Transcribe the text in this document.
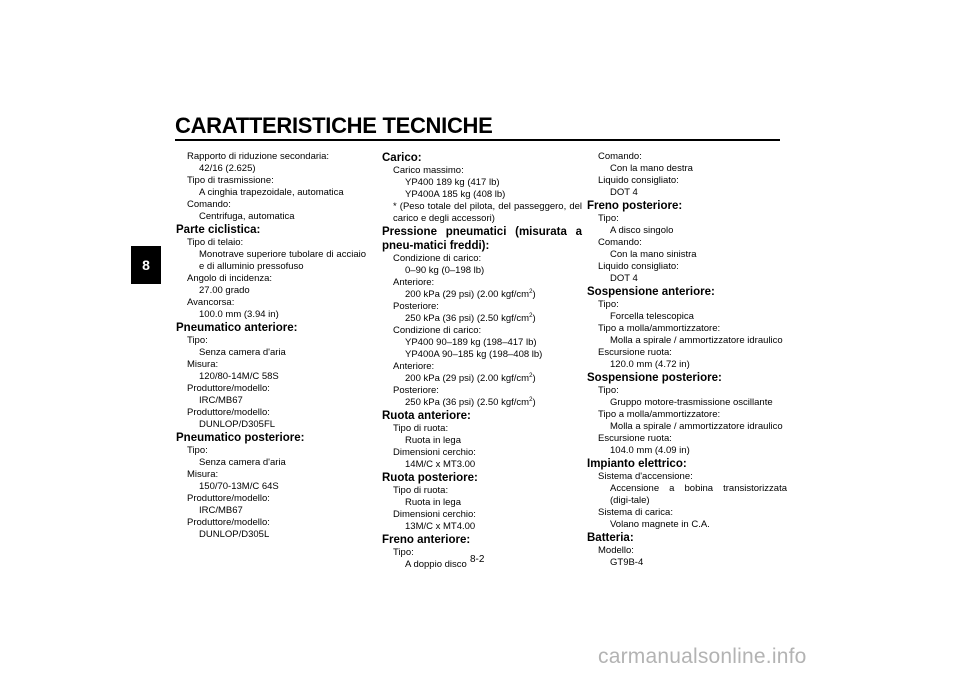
CARATTERISTICHE TECNICHE
8
Rapporto di riduzione secondaria:
42/16 (2.625)
Tipo di trasmissione:
A cinghia trapezoidale, automatica
Comando:
Centrifuga, automatica
Parte ciclistica:
Tipo di telaio:
Monotrave superiore tubolare di acciaio e di alluminio pressofuso
Angolo di incidenza:
27.00 grado
Avancorsa:
100.0 mm (3.94 in)
Pneumatico anteriore:
Tipo:
Senza camera d'aria
Misura:
120/80-14M/C 58S
Produttore/modello:
IRC/MB67
Produttore/modello:
DUNLOP/D305FL
Pneumatico posteriore:
Tipo:
Senza camera d'aria
Misura:
150/70-13M/C 64S
Produttore/modello:
IRC/MB67
Produttore/modello:
DUNLOP/D305L
Carico:
Carico massimo:
YP400 189 kg (417 lb)
YP400A 185 kg (408 lb)
* (Peso totale del pilota, del passeggero, del carico e degli accessori)
Pressione pneumatici (misurata a pneu-matici freddi):
Condizione di carico:
0–90 kg (0–198 lb)
Anteriore:
200 kPa (29 psi) (2.00 kgf/$cm^2$)
Posteriore:
250 kPa (36 psi) (2.50 kgf/$cm^2$)
Condizione di carico:
YP400 90–189 kg (198–417 lb)
YP400A 90–185 kg (198–408 lb)
Anteriore:
200 kPa (29 psi) (2.00 kgf/$cm^2$)
Posteriore:
250 kPa (36 psi) (2.50 kgf/$cm^2$)
Ruota anteriore:
Tipo di ruota:
Ruota in lega
Dimensioni cerchio:
14M/C x MT3.00
Ruota posteriore:
Tipo di ruota:
Ruota in lega
Dimensioni cerchio:
13M/C x MT4.00
Freno anteriore:
Tipo:
A doppio disco
Comando:
Con la mano destra
Liquido consigliato:
DOT 4
Freno posteriore:
Tipo:
A disco singolo
Comando:
Con la mano sinistra
Liquido consigliato:
DOT 4
Sospensione anteriore:
Tipo:
Forcella telescopica
Tipo a molla/ammortizzatore:
Molla a spirale / ammortizzatore idraulico
Escursione ruota:
120.0 mm (4.72 in)
Sospensione posteriore:
Tipo:
Gruppo motore-trasmissione oscillante
Tipo a molla/ammortizzatore:
Molla a spirale / ammortizzatore idraulico
Escursione ruota:
104.0 mm (4.09 in)
Impianto elettrico:
Sistema d'accensione:
Accensione a bobina transistorizzata (digi-tale)
Sistema di carica:
Volano magnete in C.A.
Batteria:
Modello:
GT9B-4
8-2
carmanualsonline.info
